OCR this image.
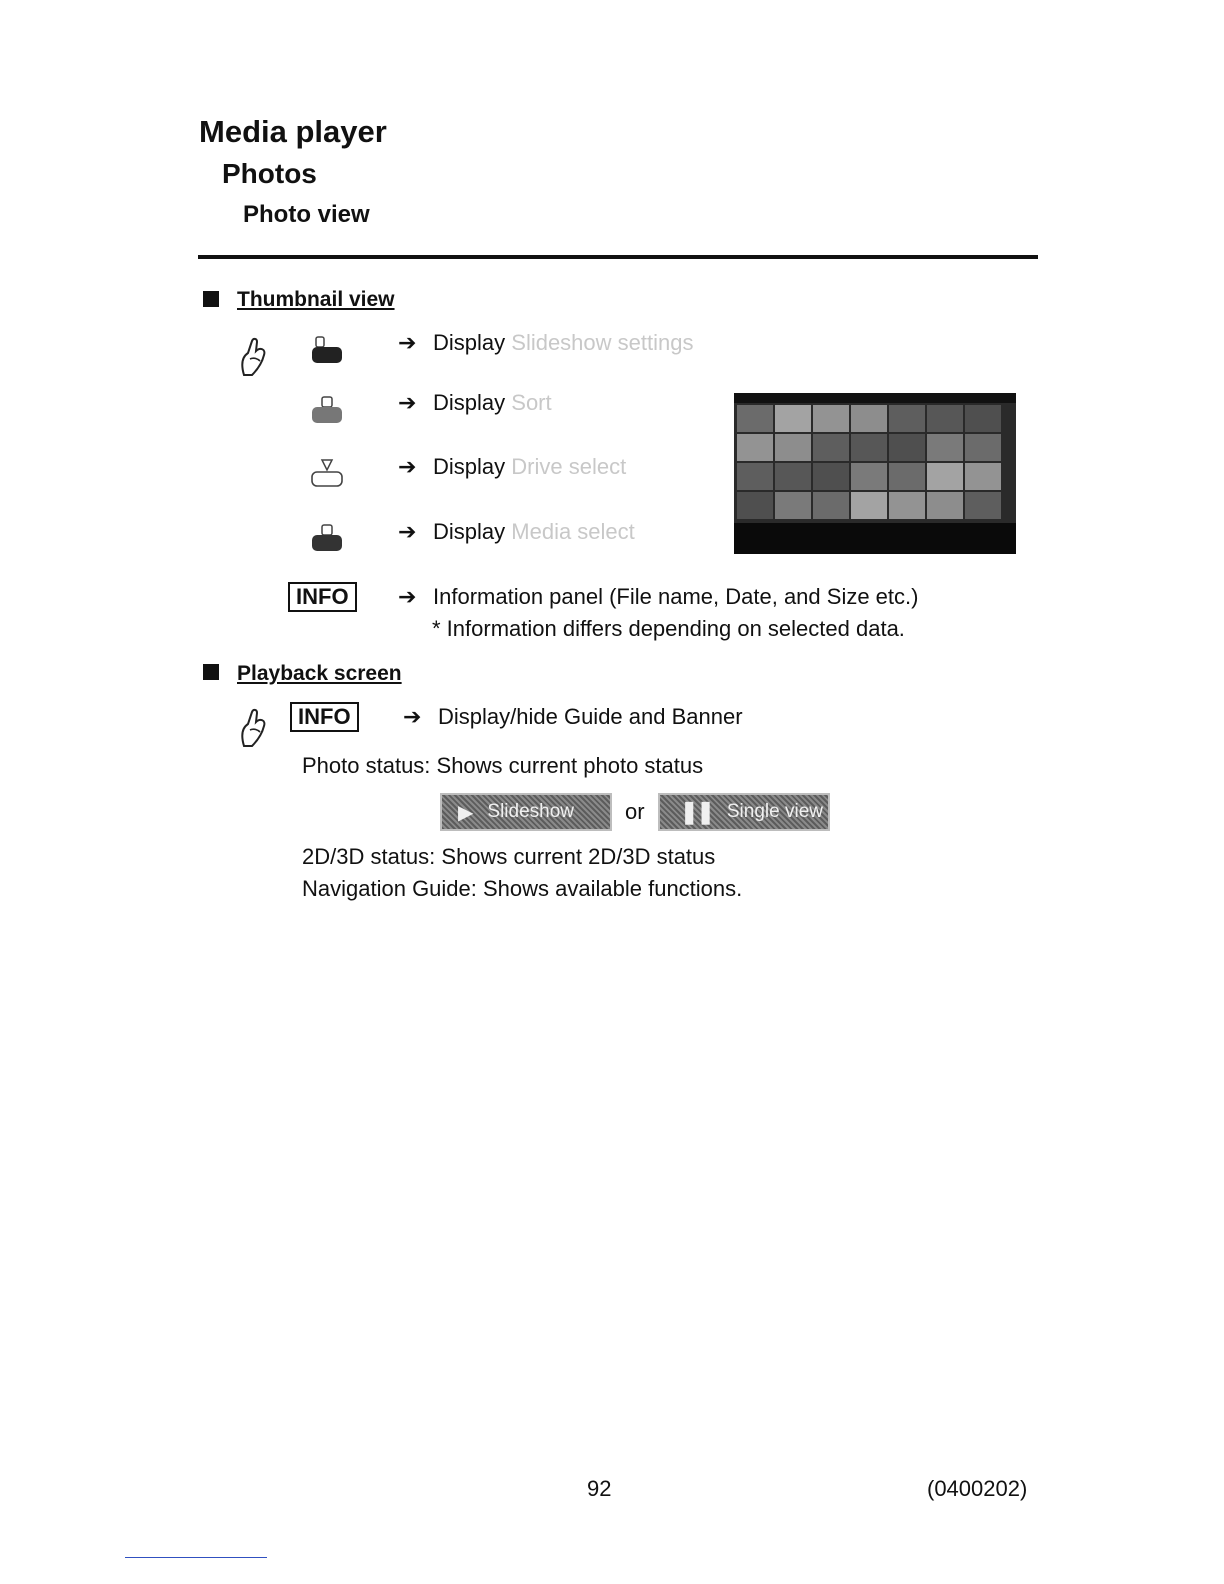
Media player
Photos
Photo view
Thumbnail view
➔ Display Slideshow settings
➔ Display Sort
➔ Display Drive select
➔ Display Media select
INFO	➔ Information panel (File name, Date, and Size etc.)
* Information differs depending on selected data.
Playback screen
INFO	➔ Display/hide Guide and Banner
Photo status: Shows current photo status
▶ Slideshow or ❚❚ Single view
2D/3D status: Shows current 2D/3D status
Navigation Guide: Shows available functions.
92	(0400202)
